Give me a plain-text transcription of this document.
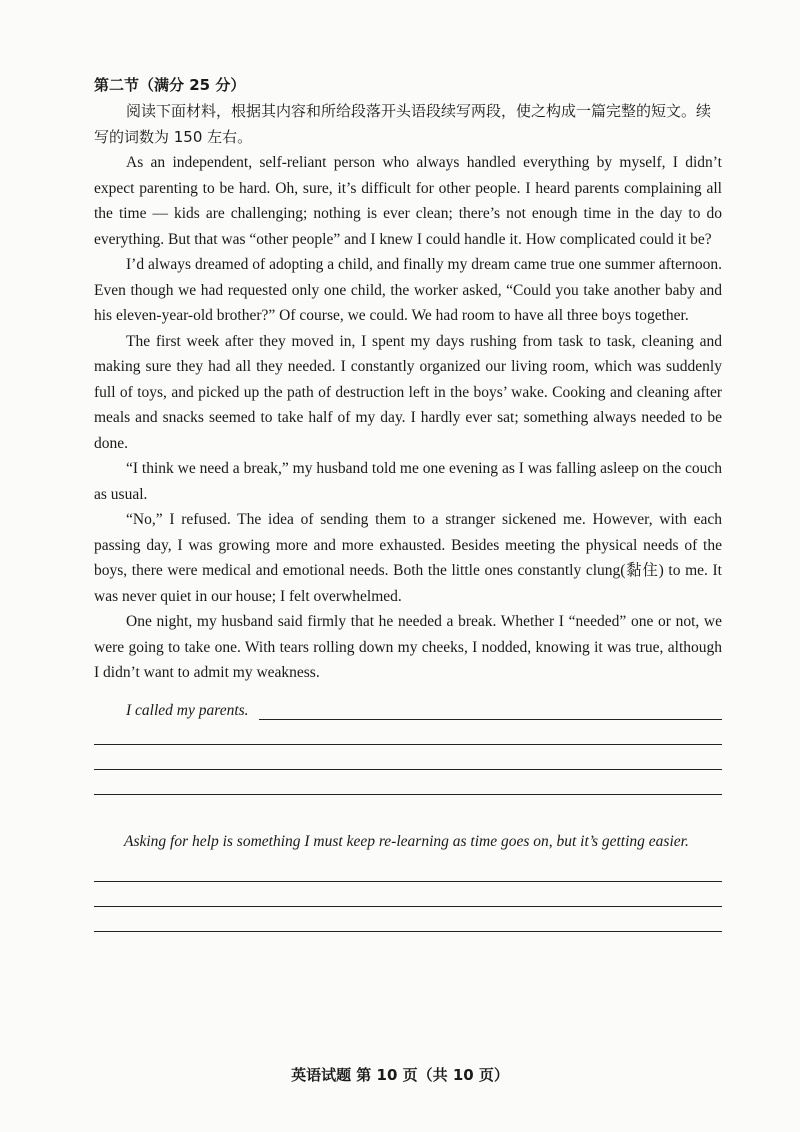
第二节（满分 25 分）

阅读下面材料，根据其内容和所给段落开头语段续写两段，使之构成一篇完整的短文。续写的词数为 150 左右。

As an independent, self-reliant person who always handled everything by myself, I didn’t expect parenting to be hard. Oh, sure, it’s difficult for other people. I heard parents complaining all the time — kids are challenging; nothing is ever clean; there’s not enough time in the day to do everything. But that was “other people” and I knew I could handle it. How complicated could it be?

I’d always dreamed of adopting a child, and finally my dream came true one summer afternoon. Even though we had requested only one child, the worker asked, “Could you take another baby and his eleven-year-old brother?” Of course, we could. We had room to have all three boys together.

The first week after they moved in, I spent my days rushing from task to task, cleaning and making sure they had all they needed. I constantly organized our living room, which was suddenly full of toys, and picked up the path of destruction left in the boys’ wake. Cooking and cleaning after meals and snacks seemed to take half of my day. I hardly ever sat; something always needed to be done.

“I think we need a break,” my husband told me one evening as I was falling asleep on the couch as usual.

“No,” I refused. The idea of sending them to a stranger sickened me. However, with each passing day, I was growing more and more exhausted. Besides meeting the physical needs of the boys, there were medical and emotional needs. Both the little ones constantly clung(黏住) to me. It was never quiet in our house; I felt overwhelmed.

One night, my husband said firmly that he needed a break. Whether I “needed” one or not, we were going to take one. With tears rolling down my cheeks, I nodded, knowing it was true, although I didn’t want to admit my weakness.

I called my parents.
Asking for help is something I must keep re-learning as time goes on, but it’s getting easier.
英语试题 第 10 页（共 10 页）
